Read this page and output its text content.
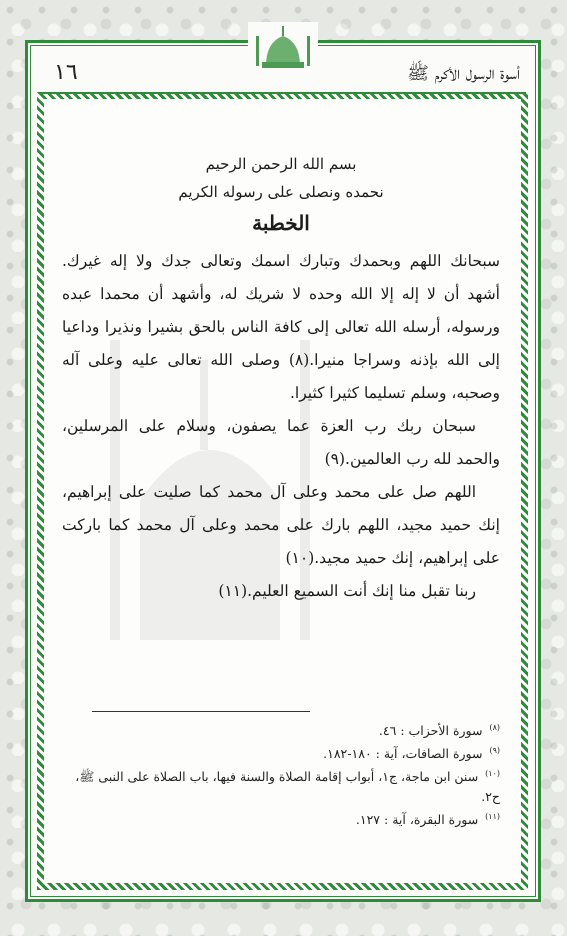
١٦	أسوة الرسول الأكرم ﷺ

بسم الله الرحمن الرحيم

نحمده ونصلى على رسوله الكريم

الخطبة

سبحانك اللهم وبحمدك وتبارك اسمك وتعالى جدك ولا إله غيرك. أشهد أن لا إله إلا الله وحده لا شريك له، وأشهد أن محمدا عبده ورسوله، أرسله الله تعالى إلى كافة الناس بالحق بشيرا ونذيرا وداعيا إلى الله بإذنه وسراجا منيرا.(٨) وصلى الله تعالى عليه وعلى آله وصحبه، وسلم تسليما كثيرا كثيرا.

سبحان ربك رب العزة عما يصفون، وسلام على المرسلين، والحمد لله رب العالمين.(٩)

اللهم صل على محمد وعلى آل محمد كما صليت على إبراهيم، إنك حميد مجيد، اللهم بارك على محمد وعلى آل محمد كما باركت على إبراهيم، إنك حميد مجيد.(١٠)

ربنا تقبل منا إنك أنت السميع العليم.(١١)

$^{(٨)}$ سورة الأحزاب : ٤٦.

$^{(٩)}$ سورة الصافات، آية : ١٨٠-١٨٢.

$^{(١٠)}$ سنن ابن ماجة، ج١، أبواب إقامة الصلاة والسنة فيها، باب الصلاة على النبى ﷺ، ح٢.

$^{(١١)}$ سورة البقرة، آية : ١٢٧.
